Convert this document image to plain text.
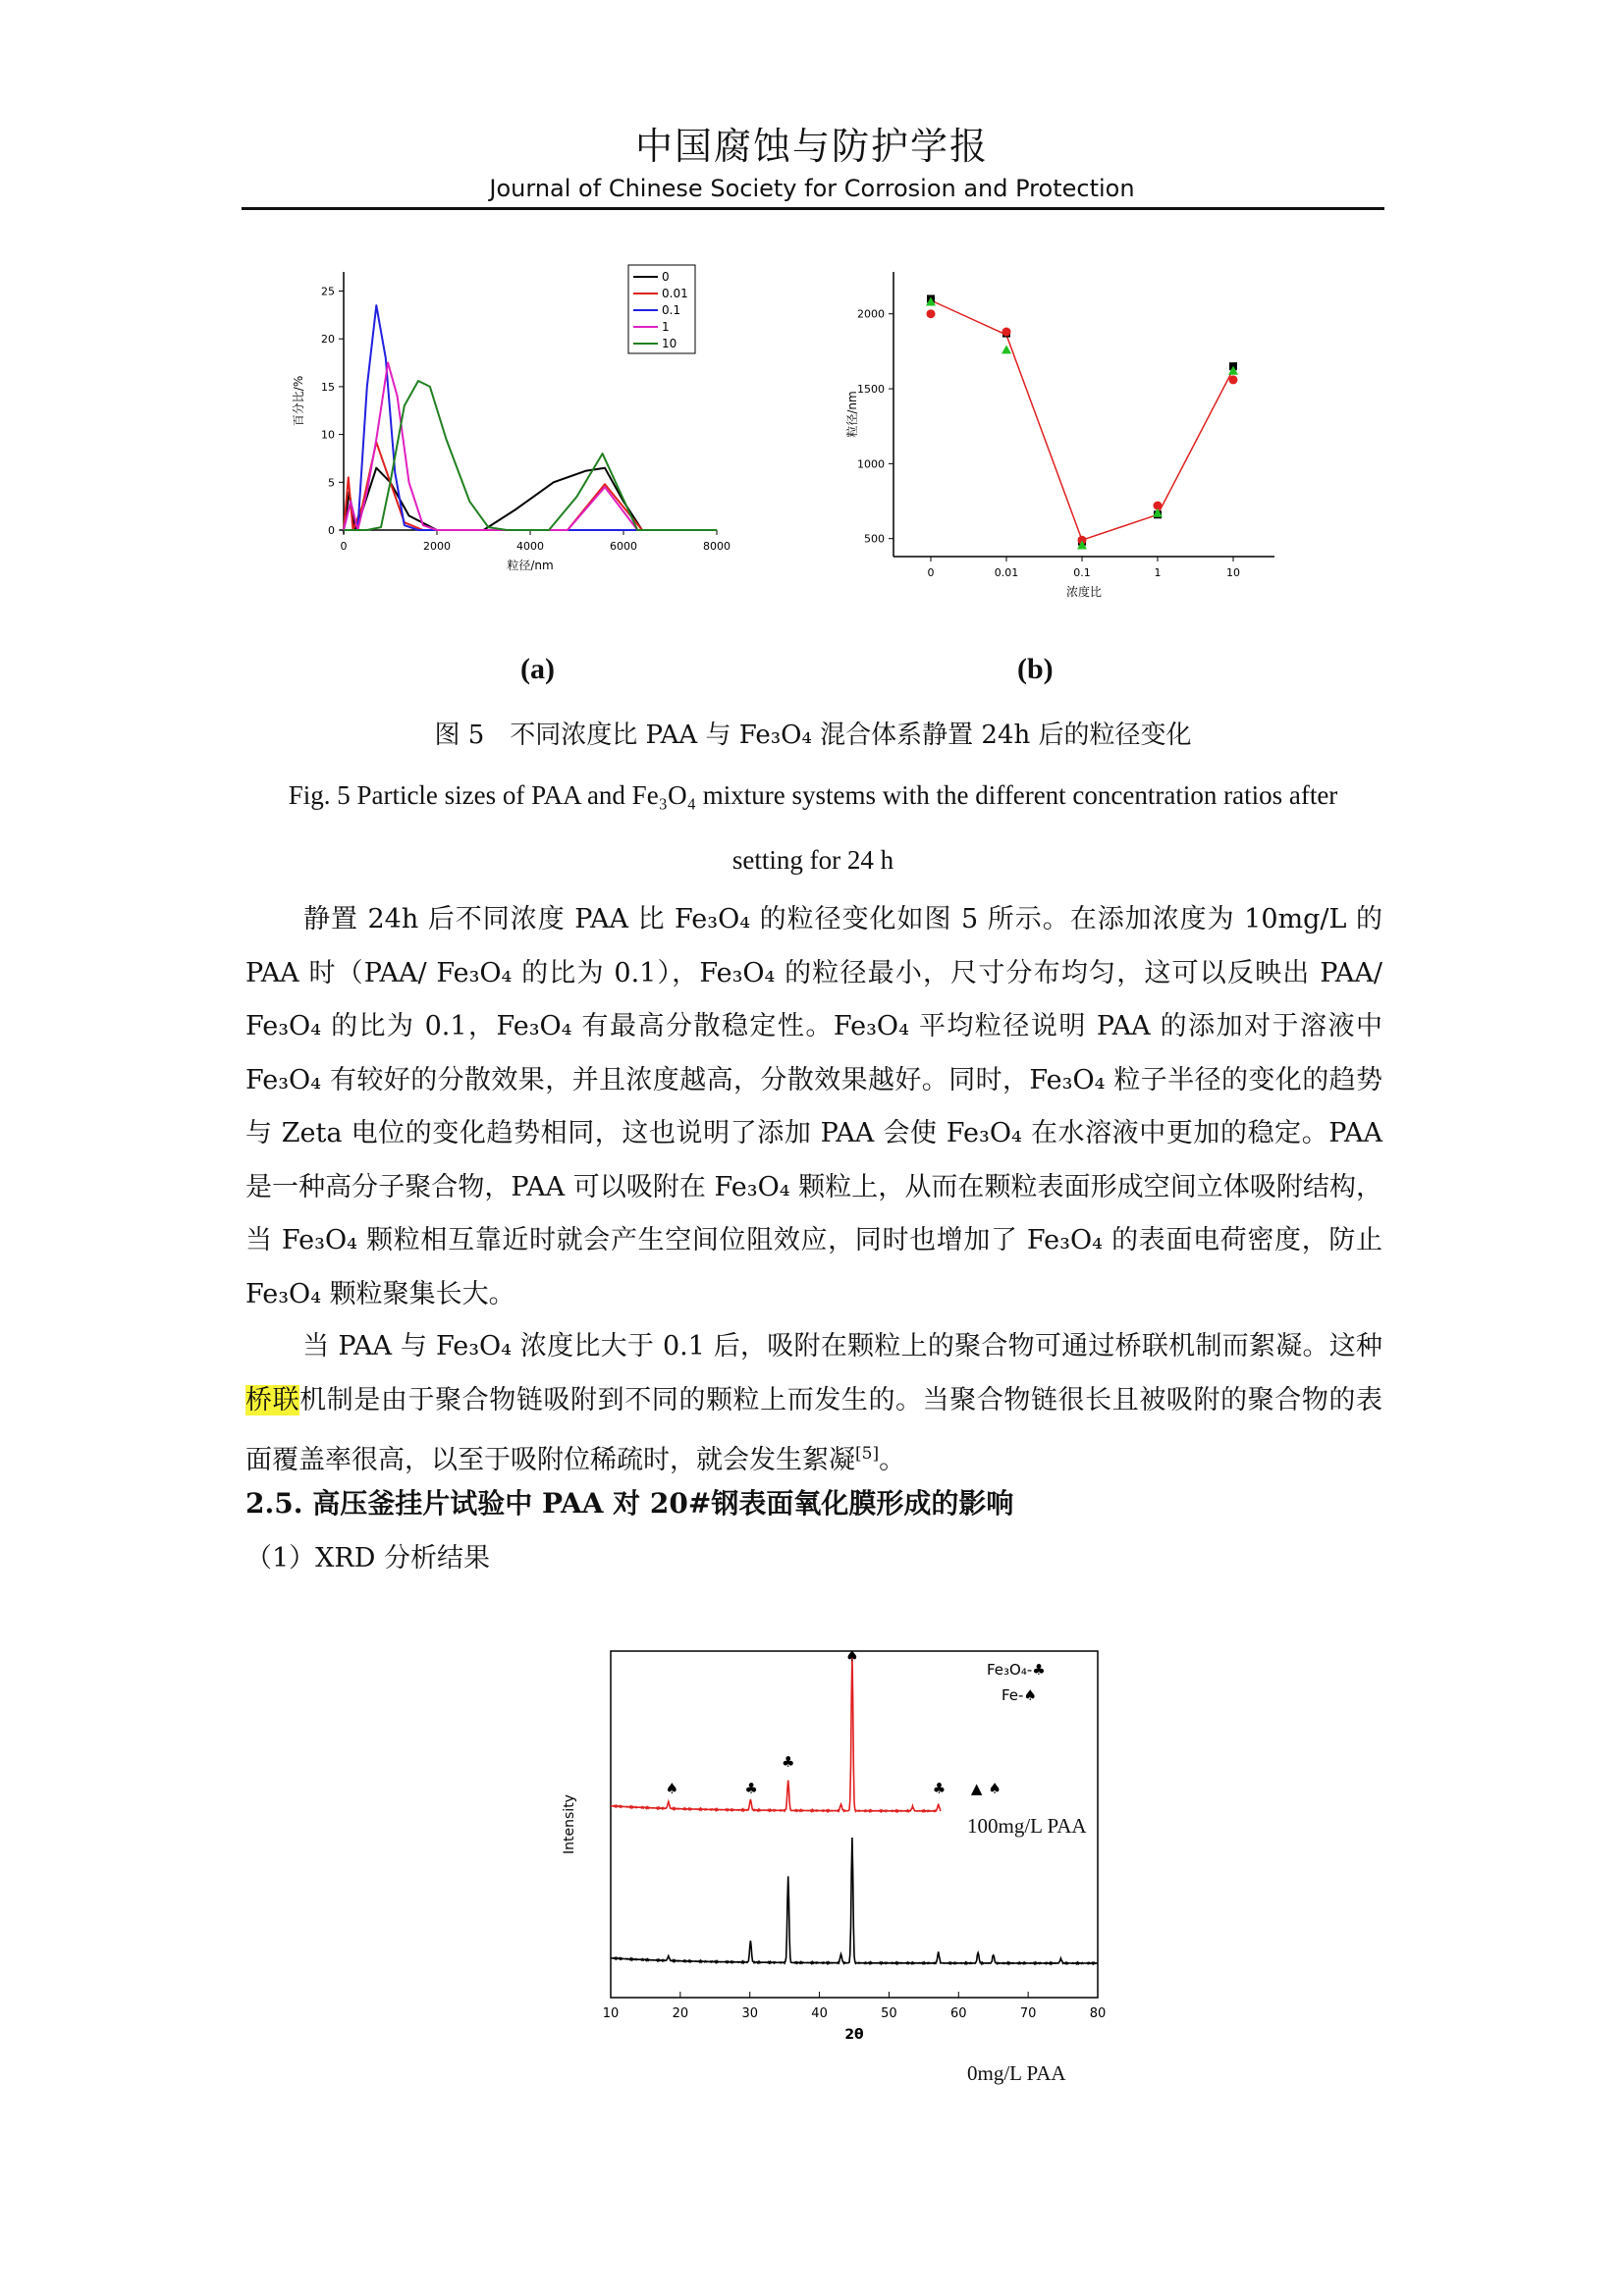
中国腐蚀与防护学报
Journal of Chinese Society for Corrosion and Protection
0
5
10
15
20
25
0	2000	4000	6000	8000
粒径/nm
百分比/%
0
0.01
0.1
1
10
500
1000
1500
2000
0	0.01	0.1	1	10
浓度比
粒径/nm
(a)	(b)
图 5　不同浓度比 PAA 与 Fe₃O₄ 混合体系静置 24h 后的粒径变化
Fig. 5 Particle sizes of PAA and Fe₃O₄ mixture systems with the different concentration ratios after
setting for 24 h
静置 24h 后不同浓度 PAA 比 Fe₃O₄ 的粒径变化如图 5 所示。在添加浓度为 10mg/L 的 PAA 时（PAA/ Fe₃O₄ 的比为 0.1），Fe₃O₄ 的粒径最小，尺寸分布均匀，这可以反映出 PAA/ Fe₃O₄ 的比为 0.1，Fe₃O₄ 有最高分散稳定性。Fe₃O₄ 平均粒径说明 PAA 的添加对于溶液中 Fe₃O₄ 有较好的分散效果，并且浓度越高，分散效果越好。同时，Fe₃O₄ 粒子半径的变化的趋势与 Zeta 电位的变化趋势相同，这也说明了添加 PAA 会使 Fe₃O₄ 在水溶液中更加的稳定。PAA 是一种高分子聚合物，PAA 可以吸附在 Fe₃O₄ 颗粒上，从而在颗粒表面形成空间立体吸附结构，当 Fe₃O₄ 颗粒相互靠近时就会产生空间位阻效应，同时也增加了 Fe₃O₄ 的表面电荷密度，防止 Fe₃O₄ 颗粒聚集长大。
当 PAA 与 Fe₃O₄ 浓度比大于 0.1 后，吸附在颗粒上的聚合物可通过桥联机制而絮凝。这种桥联机制是由于聚合物链吸附到不同的颗粒上而发生的。当聚合物链很长且被吸附的聚合物的表面覆盖率很高，以至于吸附位稀疏时，就会发生絮凝[5]。
2.5. 高压釜挂片试验中 PAA 对 20#钢表面氧化膜形成的影响
（1）XRD 分析结果
10	20	30	40	50	60	70	80
2θ
Intensity
♠	♣
♣
♣
♠
▲ ♠
Fe₃O₄-♣
Fe-♠
100mg/L PAA
0mg/L PAA
